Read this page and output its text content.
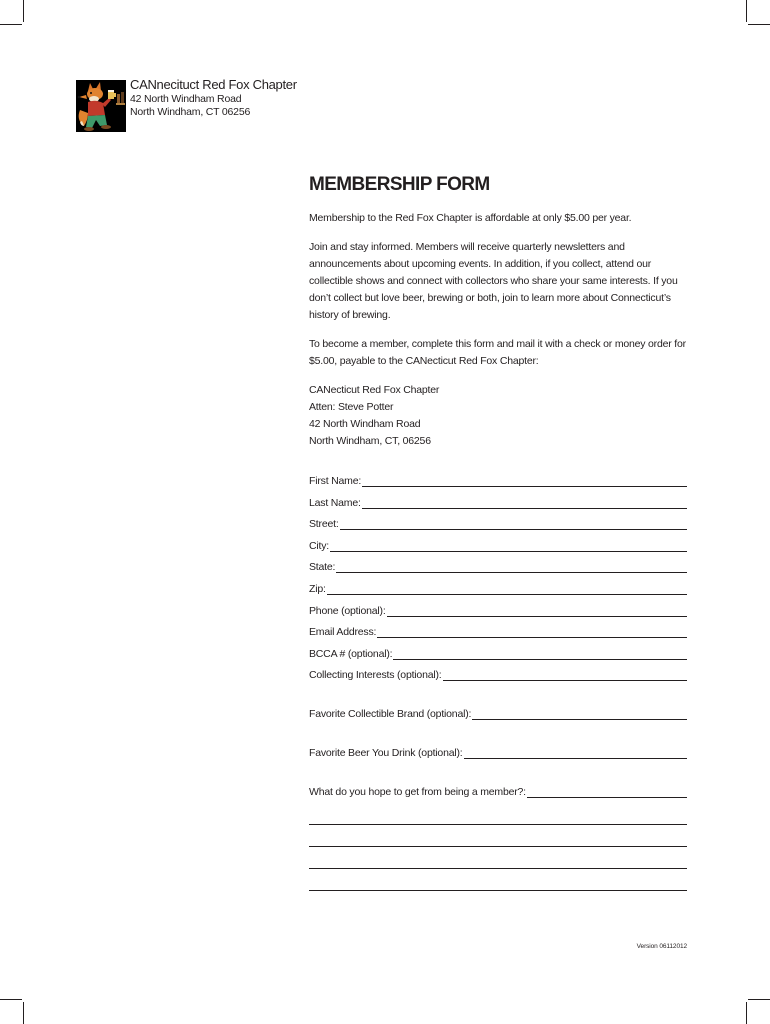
CANnecituct Red Fox Chapter
42 North Windham Road
North Windham, CT 06256
MEMBERSHIP FORM
Membership to the Red Fox Chapter is affordable at only $5.00 per year.
Join and stay informed. Members will receive quarterly newsletters and announcements about upcoming events. In addition, if you collect, attend our collectible shows and connect with collectors who share your same interests. If you don’t collect but love beer, brewing or both, join to learn more about Connecticut’s history of brewing.
To become a member, complete this form and mail it with a check or money order for $5.00, payable to the CANecticut Red Fox Chapter:
CANecticut Red Fox Chapter
Atten: Steve Potter
42 North Windham Road
North Windham, CT, 06256
First Name:
Last Name:
Street:
City:
State:
Zip:
Phone (optional):
Email Address:
BCCA # (optional):
Collecting Interests (optional):
Favorite Collectible Brand (optional):
Favorite Beer You Drink (optional):
What do you hope to get from being a member?:
Version 06112012
